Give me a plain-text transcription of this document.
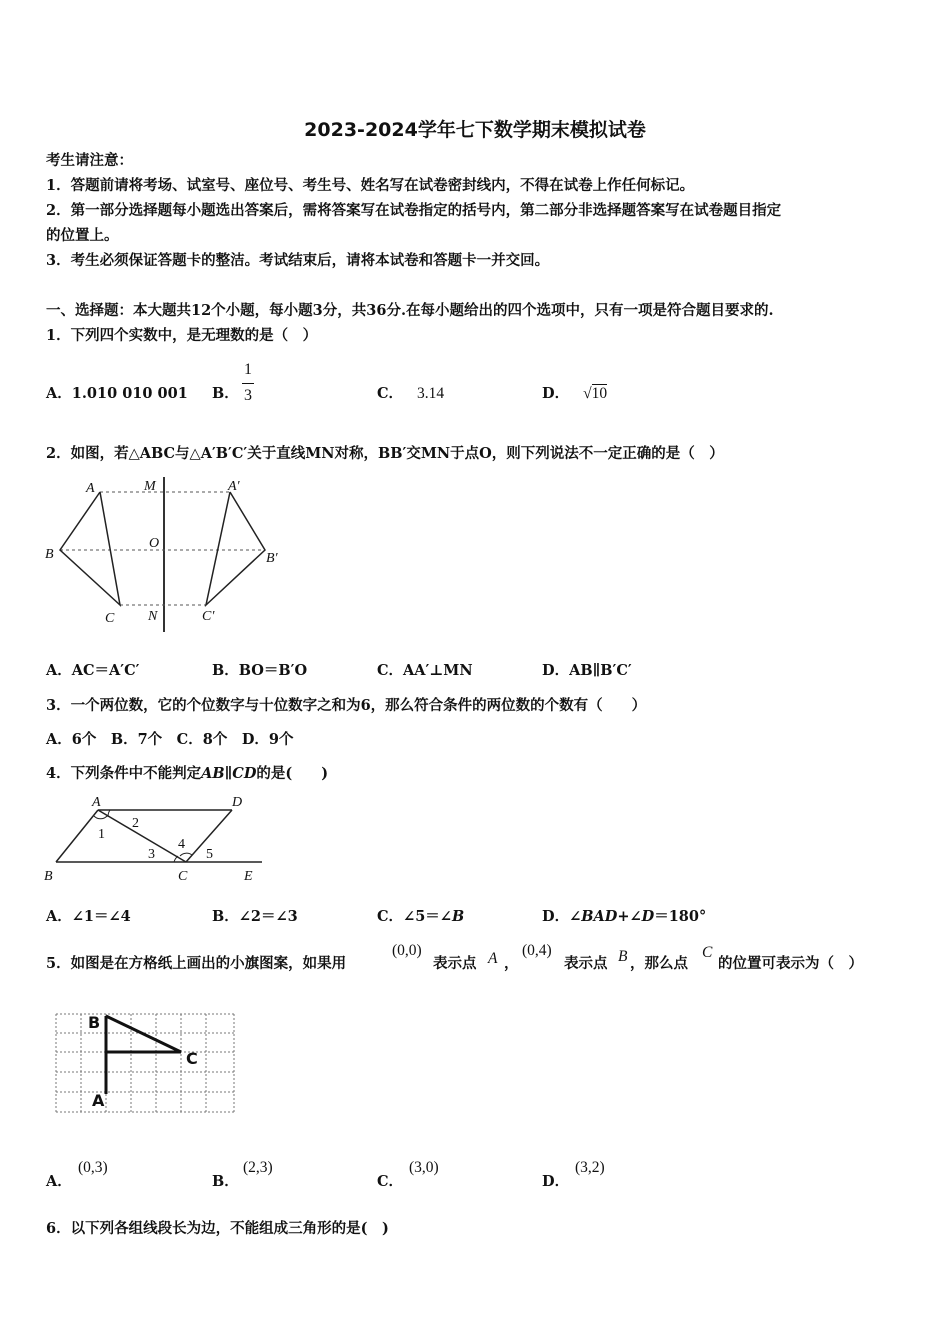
2023-2024学年七下数学期末模拟试卷
考生请注意：
1．答题前请将考场、试室号、座位号、考生号、姓名写在试卷密封线内，不得在试卷上作任何标记。
2．第一部分选择题每小题选出答案后，需将答案写在试卷指定的括号内，第二部分非选择题答案写在试卷题目指定
的位置上。
3．考生必须保证答题卡的整洁。考试结束后，请将本试卷和答题卡一并交回。
一、选择题：本大题共12个小题，每小题3分，共36分.在每小题给出的四个选项中，只有一项是符合题目要求的.
1．下列四个实数中，是无理数的是（　）
A．1.010 010 001 B．
1
3	C． 3.14	D． √10
2．如图，若△ABC与△A′B′C′关于直线MN对称，BB′交MN于点O，则下列说法不一定正确的是（　）
A	M	A′
B
O
B′
C N	C′
A．AC＝A′C′	B．BO＝B′O	C．AA′⊥MN	D．AB∥B′C′
3．一个两位数，它的个位数字与十位数字之和为6，那么符合条件的两位数的个数有（　　）
A．6个　B．7个　C．8个　D．9个
4．下列条件中不能判定AB∥CD的是(　　)
A	D
B	C	E
1
2
3
4
5
A．∠1＝∠4	B．∠2＝∠3	C．∠5＝∠B	D．∠BAD+∠D＝180°
5．如图是在方格纸上画出的小旗图案，如果用
(0,0)
表示点 A ，
(0,4)
表示点 B ，那么点
C
的位置可表示为（　）
B
C
A
A．
(0,3)
B．
(2,3)
C．
(3,0)
D．
(3,2)
6．以下列各组线段长为边，不能组成三角形的是(　)
